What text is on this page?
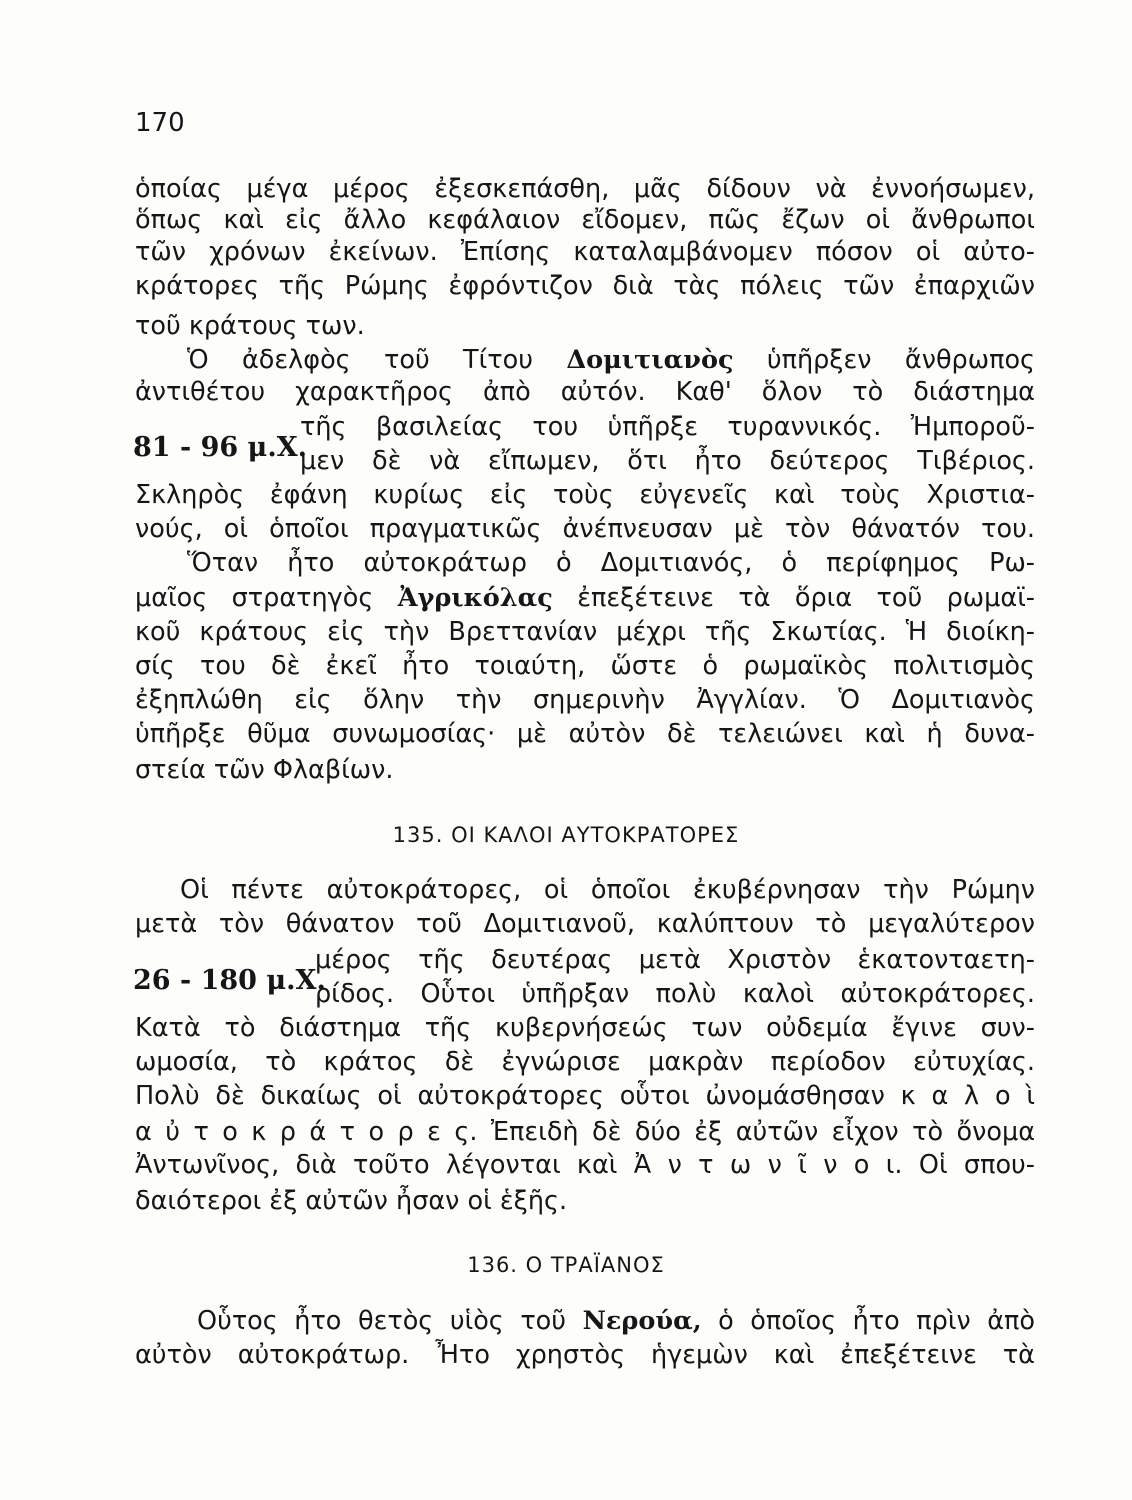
170
ὁποίας μέγα μέρος ἐξεσκεπάσθη, μᾶς δίδουν νὰ ἐννοήσωμεν,
ὅπως καὶ εἰς ἄλλο κεφάλαιον εἴδομεν, πῶς ἔζων οἱ ἄνθρωποι
τῶν χρόνων ἐκείνων. Ἐπίσης καταλαμβάνομεν πόσον οἱ αὐτο-
κράτορες τῆς Ρώμης ἐφρόντιζον διὰ τὰς πόλεις τῶν ἐπαρχιῶν
τοῦ κράτους των.
Ὁ ἀδελφὸς τοῦ Τίτου Δομιτιανὸς ὑπῆρξεν ἄνθρωπος
ἀντιθέτου χαρακτῆρος ἀπὸ αὐτόν. Καθ' ὅλον τὸ διάστημα
81 - 96 μ.Χ.
τῆς βασιλείας του ὑπῆρξε τυραννικός. Ἠμποροῦ-
μεν δὲ νὰ εἴπωμεν, ὅτι ἦτο δεύτερος Τιβέριος.
Σκληρὸς ἐφάνη κυρίως εἰς τοὺς εὐγενεῖς καὶ τοὺς Χριστια-
νούς, οἱ ὁποῖοι πραγματικῶς ἀνέπνευσαν μὲ τὸν θάνατόν του.
Ὅταν ἦτο αὐτοκράτωρ ὁ Δομιτιανός, ὁ περίφημος Ρω-
μαῖος στρατηγὸς Ἀγρικόλας ἐπεξέτεινε τὰ ὅρια τοῦ ρωμαϊ-
κοῦ κράτους εἰς τὴν Βρεττανίαν μέχρι τῆς Σκωτίας. Ἡ διοίκη-
σίς του δὲ ἐκεῖ ἦτο τοιαύτη, ὥστε ὁ ρωμαϊκὸς πολιτισμὸς
ἐξηπλώθη εἰς ὅλην τὴν σημερινὴν Ἀγγλίαν. Ὁ Δομιτιανὸς
ὑπῆρξε θῦμα συνωμοσίας· μὲ αὐτὸν δὲ τελειώνει καὶ ἡ δυνα-
στεία τῶν Φλαβίων.
135. ΟΙ ΚΑΛΟΙ ΑΥΤΟΚΡΑΤΟΡΕΣ
Οἱ πέντε αὐτοκράτορες, οἱ ὁποῖοι ἐκυβέρνησαν τὴν Ρώμην
μετὰ τὸν θάνατον τοῦ Δομιτιανοῦ, καλύπτουν τὸ μεγαλύτερον
26 - 180 μ.Χ.
μέρος τῆς δευτέρας μετὰ Χριστὸν ἑκατονταετη-
ρίδος. Οὗτοι ὑπῆρξαν πολὺ καλοὶ αὐτοκράτορες.
Κατὰ τὸ διάστημα τῆς κυβερνήσεώς των οὐδεμία ἔγινε συν-
ωμοσία, τὸ κράτος δὲ ἐγνώρισε μακρὰν περίοδον εὐτυχίας.
Πολὺ δὲ δικαίως οἱ αὐτοκράτορες οὗτοι ὠνομάσθησαν κ α λ ο ὶ
α ὐ τ ο κ ρ ά τ ο ρ ε ς. Ἐπειδὴ δὲ δύο ἐξ αὐτῶν εἶχον τὸ ὄνομα
Ἀντωνῖνος, διὰ τοῦτο λέγονται καὶ Ἀ ν τ ω ν ῖ ν ο ι. Οἱ σπου-
δαιότεροι ἐξ αὐτῶν ἦσαν οἱ ἑξῆς.
136. Ο ΤΡΑΪΑΝΟΣ
Οὗτος ἦτο θετὸς υἱὸς τοῦ Νερούα, ὁ ὁποῖος ἦτο πρὶν ἀπὸ
αὐτὸν αὐτοκράτωρ. Ἦτο χρηστὸς ἡγεμὼν καὶ ἐπεξέτεινε τὰ
